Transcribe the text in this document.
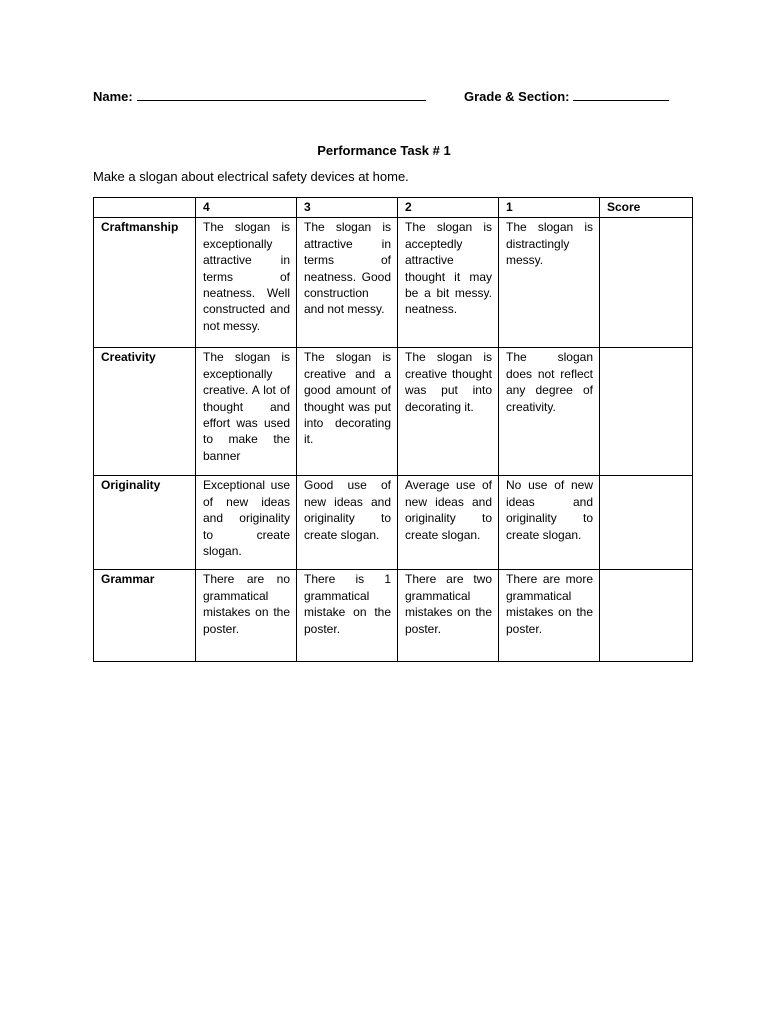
Name:	Grade & Section:
Performance Task # 1
Make a slogan about electrical safety devices at home.
	4	3	2	1	Score
Craftmanship	The slogan is exceptionally attractive in terms of neatness. Well constructed and not messy.	The slogan is attractive in terms of neatness. Good construction and not messy.	The slogan is acceptedly attractive thought it may be a bit messy. neatness.	The slogan is distractingly messy.	
Creativity	The slogan is exceptionally creative. A lot of thought and effort was used to make the banner	The slogan is creative and a good amount of thought was put into decorating it.	The slogan is creative thought was put into decorating it.	The slogan does not reflect any degree of creativity.	
Originality	Exceptional use of new ideas and originality to create slogan.	Good use of new ideas and originality to create slogan.	Average use of new ideas and originality to create slogan.	No use of new ideas and originality to create slogan.	
Grammar	There are no grammatical mistakes on the poster.	There is 1 grammatical mistake on the poster.	There are two grammatical mistakes on the poster.	There are more grammatical mistakes on the poster.	
